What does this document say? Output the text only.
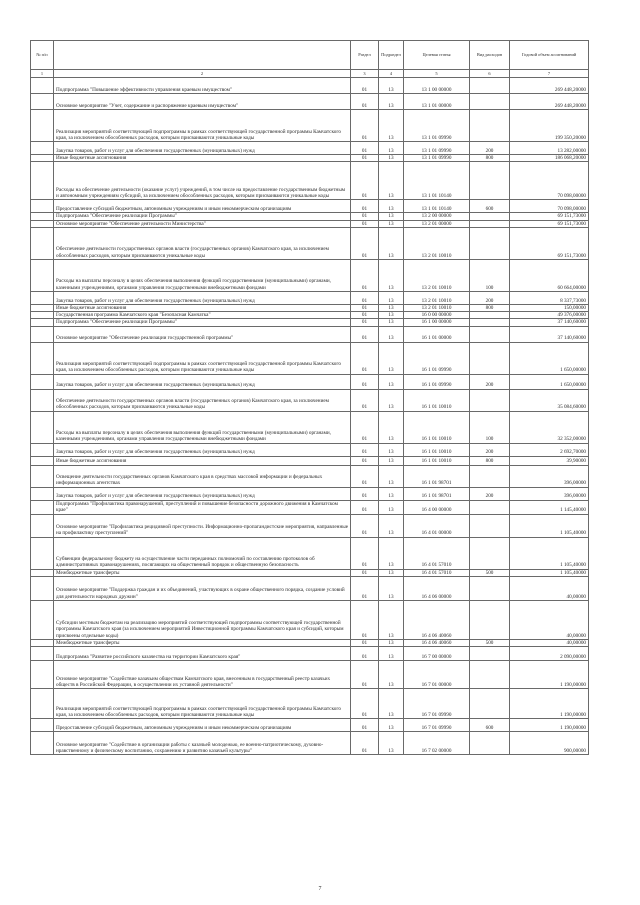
№ п/п		Раздел	Подраздел	Целевая статья	Вид расходов	Годовой объем ассигнований
1	2	3	4	5	6	7
	Подпрограмма "Повышение эффективности управления краевым имуществом"	01	13	13 1 00 00000		269 448,20000
	Основное мероприятие "Учет, содержание и распоряжение краевым имуществом"	01	13	13 1 01 00000		269 448,20000
	Реализация мероприятий соответствующей подпрограммы в рамках соответствующей государственной программы Камчатского края, за исключением обособленных расходов, которым присваиваются уникальные коды	01	13	13 1 01 09990		199 350,20000
	Закупка товаров, работ и услуг для обеспечения государственных (муниципальных) нужд	01	13	13 1 01 09990	200	13 282,00000
	Иные бюджетные ассигнования	01	13	13 1 01 09990	800	186 068,20000
	Расходы на обеспечение деятельности (оказание услуг) учреждений, в том числе на предоставление государственным бюджетным и автономным учреждениям субсидий, за исключением обособленных расходов, которым присваиваются уникальные коды	01	13	13 1 01 10140		70 098,00000
	Предоставление субсидий бюджетным, автономным учреждениям и иным некоммерческим организациям	01	13	13 1 01 10140	600	70 098,00000
	Подпрограмма "Обеспечение реализации Программы"	01	13	13 2 00 00000		69 151,73000
	Основное мероприятие "Обеспечение деятельности Министерства"	01	13	13 2 01 00000		69 151,73000
	Обеспечение деятельности государственных органов власти (государственных органов) Камчатского края, за исключением обособленных расходов, которым присваиваются уникальные коды	01	13	13 2 01 10010		69 151,73000
	Расходы на выплаты персоналу в целях обеспечения выполнения функций государственными (муниципальными) органами, казенными учреждениями, органами управления государственными внебюджетными фондами	01	13	13 2 01 10010	100	60 664,00000
	Закупка товаров, работ и услуг для обеспечения государственных (муниципальных) нужд	01	13	13 2 01 10010	200	8 337,73000
	Иные бюджетные ассигнования	01	13	13 2 01 10010	800	150,00000
	Государственная программа Камчатского края "Безопасная Камчатка"	01	13	16 0 00 00000		49 376,00000
	Подпрограмма "Обеспечение реализации Программы"	01	13	16 1 00 00000		37 140,60000
	Основное мероприятие "Обеспечение реализации государственной программы"	01	13	16 1 01 00000		37 140,60000
	Реализация мероприятий соответствующей подпрограммы в рамках соответствующей государственной программы Камчатского края, за исключением обособленных расходов, которым присваиваются уникальные коды	01	13	16 1 01 09990		1 650,00000
	Закупка товаров, работ и услуг для обеспечения государственных (муниципальных) нужд	01	13	16 1 01 09990	200	1 650,00000
	Обеспечение деятельности государственных органов власти (государственных органов) Камчатского края, за исключением обособленных расходов, которым присваиваются уникальные коды	01	13	16 1 01 10010		35 084,60000
	Расходы на выплаты персоналу в целях обеспечения выполнения функций государственными (муниципальными) органами, казенными учреждениями, органами управления государственными внебюджетными фондами	01	13	16 1 01 10010	100	32 352,00000
	Закупка товаров, работ и услуг для обеспечения государственных (муниципальных) нужд	01	13	16 1 01 10010	200	2 692,70000
	Иные бюджетные ассигнования	01	13	16 1 01 10010	800	39,90000
	Освещение деятельности государственных органов Камчатского края в средствах массовой информации и федеральных информационных агентствах	01	13	16 1 01 98701		396,00000
	Закупка товаров, работ и услуг для обеспечения государственных (муниципальных) нужд	01	13	16 1 01 98701	200	396,00000
	Подпрограмма "Профилактика правонарушений, преступлений и повышение безопасности дорожного движения в Камчатском крае"	01	13	16 4 00 00000		1 145,40000
	Основное мероприятие "Профилактика рецидивной преступности. Информационно-пропагандистские мероприятия, направленные на профилактику преступлений"	01	13	16 4 01 00000		1 105,40000
	Субвенции федеральному бюджету на осуществление части переданных полномочий по составлению протоколов об административных правонарушениях, посягающих на общественный порядок и общественную безопасность	01	13	16 4 01 57010		1 105,40000
	Межбюджетные трансферты	01	13	16 4 01 57010	500	1 105,40000
	Основное мероприятие "Поддержка граждан и их объединений, участвующих в охране общественного порядка, создание условий для деятельности народных дружин"	01	13	16 4 06 00000		40,00000
	Субсидии местным бюджетам на реализацию мероприятий соответствующей подпрограммы соответствующей государственной программы Камчатского края (за исключением мероприятий Инвестиционной программы Камчатского края и субсидий, которым присвоены отдельные коды)	01	13	16 4 06 40060		40,00000
	Межбюджетные трансферты	01	13	16 4 06 40060	500	40,00000
	Подпрограмма "Развитие российского казачества на территории Камчатского края"	01	13	16 7 00 00000		2 090,00000
	Основное мероприятие "Содействие казачьим обществам Камчатского края, внесенным в государственный реестр казачьих обществ в Российской Федерации, в осуществлении их уставной деятельности"	01	13	16 7 01 00000		1 190,00000
	Реализация мероприятий соответствующей подпрограммы в рамках соответствующей государственной программы Камчатского края, за исключением обособленных расходов, которым присваиваются уникальные коды	01	13	16 7 01 09990		1 190,00000
	Предоставление субсидий бюджетным, автономным учреждениям и иным некоммерческим организациям	01	13	16 7 01 09990	600	1 190,00000
	Основное мероприятие "Содействие в организации работы с казачьей молодежью, ее военно-патриотическому, духовно-нравственному и физическому воспитанию, сохранению и развитию казачьей культуры"	01	13	16 7 02 00000		900,00000
7
